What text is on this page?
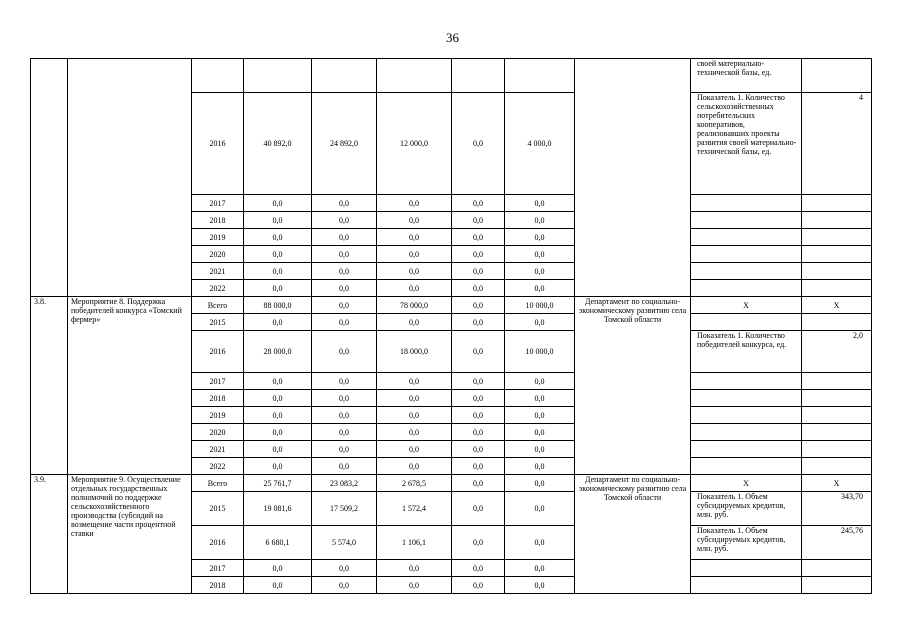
36
									своей материально-технической базы, ед.	
		2016	40 892,0	24 892,0	12 000,0	0,0	4 000,0		Показатель 1. Количество сельскохозяйственных потребительских кооперативов, реализовавших проекты развития своей материально-технической базы, ед.	4
		2017	0,0	0,0	0,0	0,0	0,0			
		2018	0,0	0,0	0,0	0,0	0,0			
		2019	0,0	0,0	0,0	0,0	0,0			
		2020	0,0	0,0	0,0	0,0	0,0			
		2021	0,0	0,0	0,0	0,0	0,0			
		2022	0,0	0,0	0,0	0,0	0,0			
3.8.	Мероприятие 8. Поддержка победителей конкурса «Томский фермер»	Всего	88 000,0	0,0	78 000,0	0,0	10 000,0	Департамент по социально-экономическому развитию села Томской области	Х	Х
		2015	0,0	0,0	0,0	0,0	0,0			
		2016	28 000,0	0,0	18 000,0	0,0	10 000,0		Показатель 1. Количество победителей конкурса, ед.	2,0
		2017	0,0	0,0	0,0	0,0	0,0			
		2018	0,0	0,0	0,0	0,0	0,0			
		2019	0,0	0,0	0,0	0,0	0,0			
		2020	0,0	0,0	0,0	0,0	0,0			
		2021	0,0	0,0	0,0	0,0	0,0			
		2022	0,0	0,0	0,0	0,0	0,0			
3.9.	Мероприятие 9. Осуществление отдельных государственных полномочий по поддержке сельскохозяйственного производства (субсидий на возмещение части процентной ставки	Всего	25 761,7	23 083,2	2 678,5	0,0	0,0	Департамент по социально-экономическому развитию села Томской области	Х	Х
		2015	19 081,6	17 509,2	1 572,4	0,0	0,0		Показатель 1. Объем субсидируемых кредитов, млн. руб.	343,70
		2016	6 680,1	5 574,0	1 106,1	0,0	0,0		Показатель 1. Объем субсидируемых кредитов, млн. руб.	245,76
		2017	0,0	0,0	0,0	0,0	0,0			
		2018	0,0	0,0	0,0	0,0	0,0			
